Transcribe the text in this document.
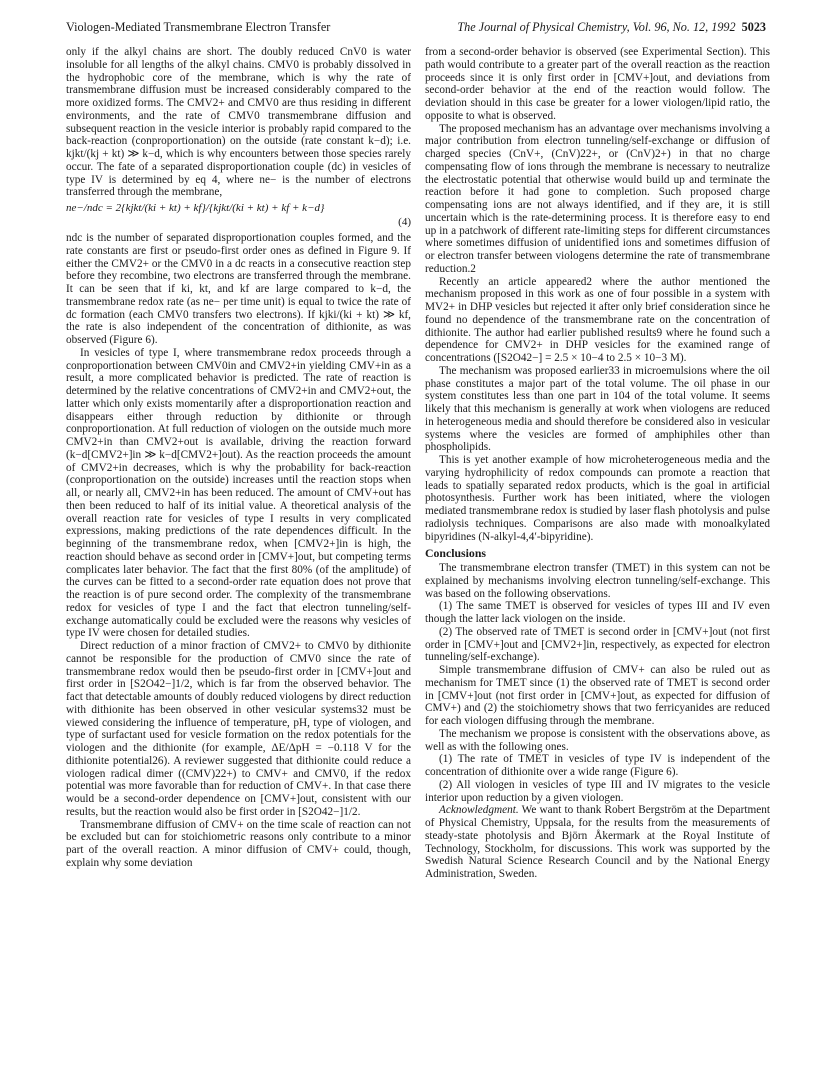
Viologen-Mediated Transmembrane Electron Transfer	The Journal of Physical Chemistry, Vol. 96, No. 12, 1992 5023

only if the alkyl chains are short. The doubly reduced CnV0 is water insoluble for all lengths of the alkyl chains. CMV0 is probably dissolved in the hydrophobic core of the membrane, which is why the rate of transmembrane diffusion must be increased considerably compared to the more oxidized forms. The CMV2+ and CMV0 are thus residing in different environments, and the rate of CMV0 transmembrane diffusion and subsequent reaction in the vesicle interior is probably rapid compared to the back-reaction (conproportionation) on the outside (rate constant k−d); i.e. kjkt/(kj + kt) ≫ k−d, which is why encounters between those species rarely occur. The fate of a separated disproportionation couple (dc) in vesicles of type IV is determined by eq 4, where ne− is the number of electrons transferred through the membrane,

ne−/ndc = 2{kjkt/(ki + kt) + kf}/{kjkt/(ki + kt) + kf + k−d}
(4)

ndc is the number of separated disproportionation couples formed, and the rate constants are first or pseudo-first order ones as defined in Figure 9. If either the CMV2+ or the CMV0 in a dc reacts in a consecutive reaction step before they recombine, two electrons are transferred through the membrane. It can be seen that if ki, kt, and kf are large compared to k−d, the transmembrane redox rate (as ne− per time unit) is equal to twice the rate of dc formation (each CMV0 transfers two electrons). If kjki/(ki + kt) ≫ kf, the rate is also independent of the concentration of dithionite, as was observed (Figure 6).

In vesicles of type I, where transmembrane redox proceeds through a conproportionation between CMV0in and CMV2+in yielding CMV+in as a result, a more complicated behavior is predicted. The rate of reaction is determined by the relative concentrations of CMV2+in and CMV2+out, the latter which only exists momentarily after a disproportionation reaction and disappears either through reduction by dithionite or through conproportionation. At full reduction of viologen on the outside much more CMV2+in than CMV2+out is available, driving the reaction forward (k−d[CMV2+]in ≫ k−d[CMV2+]out). As the reaction proceeds the amount of CMV2+in decreases, which is why the probability for back-reaction (conproportionation on the outside) increases until the reaction stops when all, or nearly all, CMV2+in has been reduced. The amount of CMV+out has then been reduced to half of its initial value. A theoretical analysis of the overall reaction rate for vesicles of type I results in very complicated expressions, making predictions of the rate dependences difficult. In the beginning of the transmembrane redox, when [CMV2+]in is high, the reaction should behave as second order in [CMV+]out, but competing terms complicates later behavior. The fact that the first 80% (of the amplitude) of the curves can be fitted to a second-order rate equation does not prove that the reaction is of pure second order. The complexity of the transmembrane redox for vesicles of type I and the fact that electron tunneling/self-exchange automatically could be excluded were the reasons why vesicles of type IV were chosen for detailed studies.

Direct reduction of a minor fraction of CMV2+ to CMV0 by dithionite cannot be responsible for the production of CMV0 since the rate of transmembrane redox would then be pseudo-first order in [CMV+]out and first order in [S2O42−]1/2, which is far from the observed behavior. The fact that detectable amounts of doubly reduced viologens by direct reduction with dithionite has been observed in other vesicular systems32 must be viewed considering the influence of temperature, pH, type of viologen, and type of surfactant used for vesicle formation on the redox potentials for the viologen and the dithionite (for example, ΔE/ΔpH = −0.118 V for the dithionite potential26). A reviewer suggested that dithionite could reduce a viologen radical dimer ((CMV)22+) to CMV+ and CMV0, if the redox potential was more favorable than for reduction of CMV+. In that case there would be a second-order dependence on [CMV+]out, consistent with our results, but the reaction would also be first order in [S2O42−]1/2.

Transmembrane diffusion of CMV+ on the time scale of reaction can not be excluded but can for stoichiometric reasons only contribute to a minor part of the overall reaction. A minor diffusion of CMV+ could, though, explain why some deviation

from a second-order behavior is observed (see Experimental Section). This path would contribute to a greater part of the overall reaction as the reaction proceeds since it is only first order in [CMV+]out, and deviations from second-order behavior at the end of the reaction would follow. The deviation should in this case be greater for a lower viologen/lipid ratio, the opposite to what is observed.

The proposed mechanism has an advantage over mechanisms involving a major contribution from electron tunneling/self-exchange or diffusion of charged species (CnV+, (CnV)22+, or (CnV)2+) in that no charge compensating flow of ions through the membrane is necessary to neutralize the electrostatic potential that otherwise would build up and terminate the reaction before it had gone to completion. Such proposed charge compensating ions are not always identified, and if they are, it is still uncertain which is the rate-determining process. It is therefore easy to end up in a patchwork of different rate-limiting steps for different circumstances where sometimes diffusion of unidentified ions and sometimes diffusion of or electron transfer between viologens determine the rate of transmembrane reduction.2

Recently an article appeared2 where the author mentioned the mechanism proposed in this work as one of four possible in a system with MV2+ in DHP vesicles but rejected it after only brief consideration since he found no dependence of the transmembrane rate on the concentration of dithionite. The author had earlier published results9 where he found such a dependence for CMV2+ in DHP vesicles for the examined range of concentrations ([S2O42−] = 2.5 × 10−4 to 2.5 × 10−3 M).

The mechanism was proposed earlier33 in microemulsions where the oil phase constitutes a major part of the total volume. The oil phase in our system constitutes less than one part in 104 of the total volume. It seems likely that this mechanism is generally at work when viologens are reduced in heterogeneous media and should therefore be considered also in vesicular systems where the vesicles are formed of amphiphiles other than phospholipids.

This is yet another example of how microheterogeneous media and the varying hydrophilicity of redox compounds can promote a reaction that leads to spatially separated redox products, which is the goal in artificial photosynthesis. Further work has been initiated, where the viologen mediated transmembrane redox is studied by laser flash photolysis and pulse radiolysis techniques. Comparisons are also made with monoalkylated bipyridines (N-alkyl-4,4′-bipyridine).

Conclusions

The transmembrane electron transfer (TMET) in this system can not be explained by mechanisms involving electron tunneling/self-exchange. This was based on the following observations.

(1) The same TMET is observed for vesicles of types III and IV even though the latter lack viologen on the inside.

(2) The observed rate of TMET is second order in [CMV+]out (not first order in [CMV+]out and [CMV2+]in, respectively, as expected for electron tunneling/self-exchange).

Simple transmembrane diffusion of CMV+ can also be ruled out as mechanism for TMET since (1) the observed rate of TMET is second order in [CMV+]out (not first order in [CMV+]out, as expected for diffusion of CMV+) and (2) the stoichiometry shows that two ferricyanides are reduced for each viologen diffusing through the membrane.

The mechanism we propose is consistent with the observations above, as well as with the following ones.

(1) The rate of TMET in vesicles of type IV is independent of the concentration of dithionite over a wide range (Figure 6).

(2) All viologen in vesicles of type III and IV migrates to the vesicle interior upon reduction by a given viologen.

Acknowledgment. We want to thank Robert Bergström at the Department of Physical Chemistry, Uppsala, for the results from the measurements of steady-state photolysis and Björn Åkermark at the Royal Institute of Technology, Stockholm, for discussions. This work was supported by the Swedish Natural Science Research Council and by the National Energy Administration, Sweden.
